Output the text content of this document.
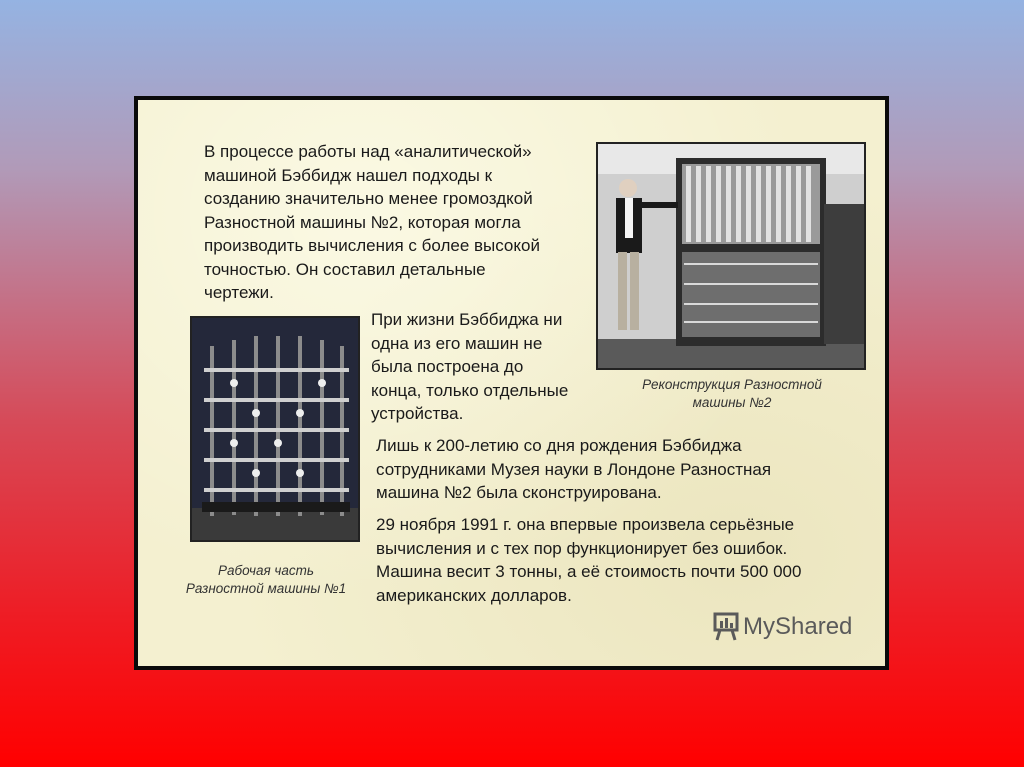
В процессе работы над «аналитической»
машиной Бэббидж нашел подходы к
созданию значительно менее громоздкой
Разностной машины №2, которая могла
производить вычисления с более высокой
точностью. Он составил детальные
чертежи.
Реконструкция Разностной
машины №2
Рабочая часть
Разностной машины №1
При жизни Бэббиджа ни
одна из его машин не
была построена до
конца, только отдельные
устройства.
Лишь к 200-летию со дня рождения Бэббиджа
сотрудниками Музея науки в Лондоне Разностная
машина №2 была сконструирована.
29 ноября 1991 г. она впервые произвела серьёзные
вычисления и с тех пор функционирует без ошибок.
Машина весит 3 тонны, а её стоимость почти 500 000
американских долларов.
MyShared
